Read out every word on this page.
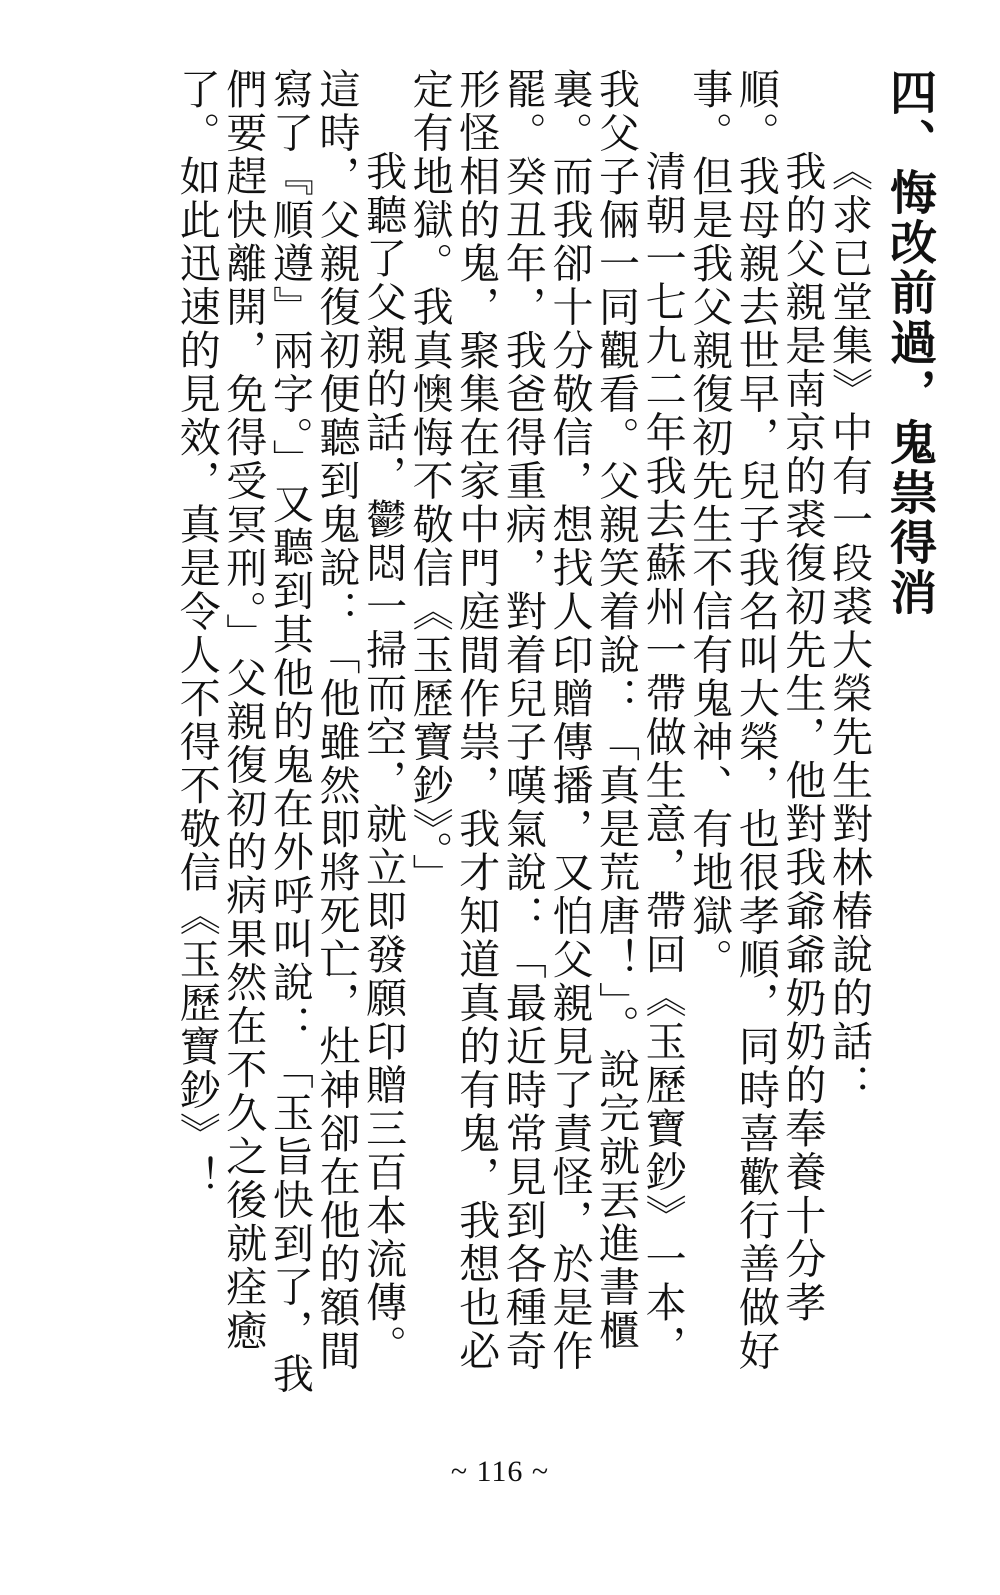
四、悔改前過，鬼祟得消

《求已堂集》中有一段裘大榮先生對林椿說的話：

我的父親是南京的裘復初先生，他對我爺爺奶奶的奉養十分孝順。我母親去世早，兒子我名叫大榮，也很孝順，同時喜歡行善做好事。但是我父親復初先生不信有鬼神、有地獄。

清朝一七九二年我去蘇州一帶做生意，帶回《玉歷寶鈔》一本，我父子倆一同觀看。父親笑着說：「真是荒唐！」。說完就丟進書櫃裏。而我卻十分敬信，想找人印贈傳播，又怕父親見了責怪，於是作罷。癸丑年，我爸得重病，對着兒子嘆氣說：「最近時常見到各種奇形怪相的鬼，聚集在家中門庭間作祟，我才知道真的有鬼，我想也必定有地獄。我真懊悔不敬信《玉歷寶鈔》。」

我聽了父親的話，鬱悶一掃而空，就立即發願印贈三百本流傳。這時，父親復初便聽到鬼說：「他雖然即將死亡，灶神卻在他的額間寫了『順遵』兩字。」又聽到其他的鬼在外呼叫說：「玉旨快到了，我們要趕快離開，免得受冥刑。」父親復初的病果然在不久之後就痊癒了。如此迅速的見效，真是令人不得不敬信《玉歷寶鈔》！

~ 116 ~
